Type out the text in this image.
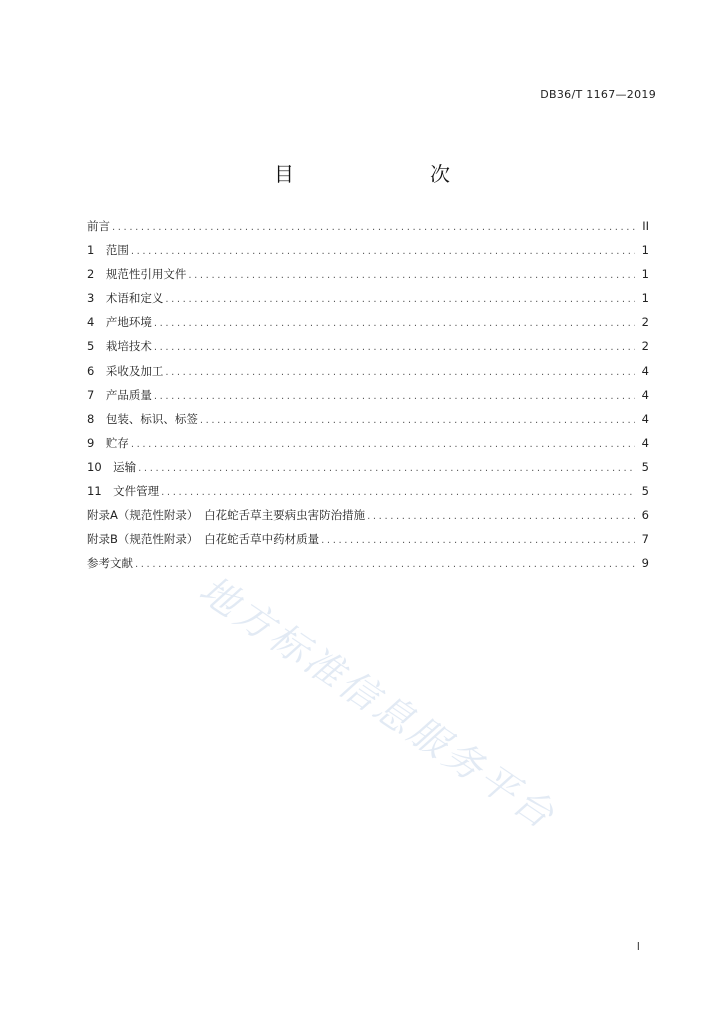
DB36/T 1167—2019
目　　次
前言 .....	II
1　范围 .....	1
2　规范性引用文件 .....	1
3　术语和定义 .....	1
4　产地环境 .....	2
5　栽培技术 .....	2
6　采收及加工 .....	4
7　产品质量 .....	4
8　包装、标识、标签 .....	4
9　贮存 .....	4
10　运输 .....	5
11　文件管理 .....	5
附录A（规范性附录）　白花蛇舌草主要病虫害防治措施 .....	6
附录B（规范性附录）　白花蛇舌草中药材质量 .....	7
参考文献 .....	9
地方标准信息服务平台
I
